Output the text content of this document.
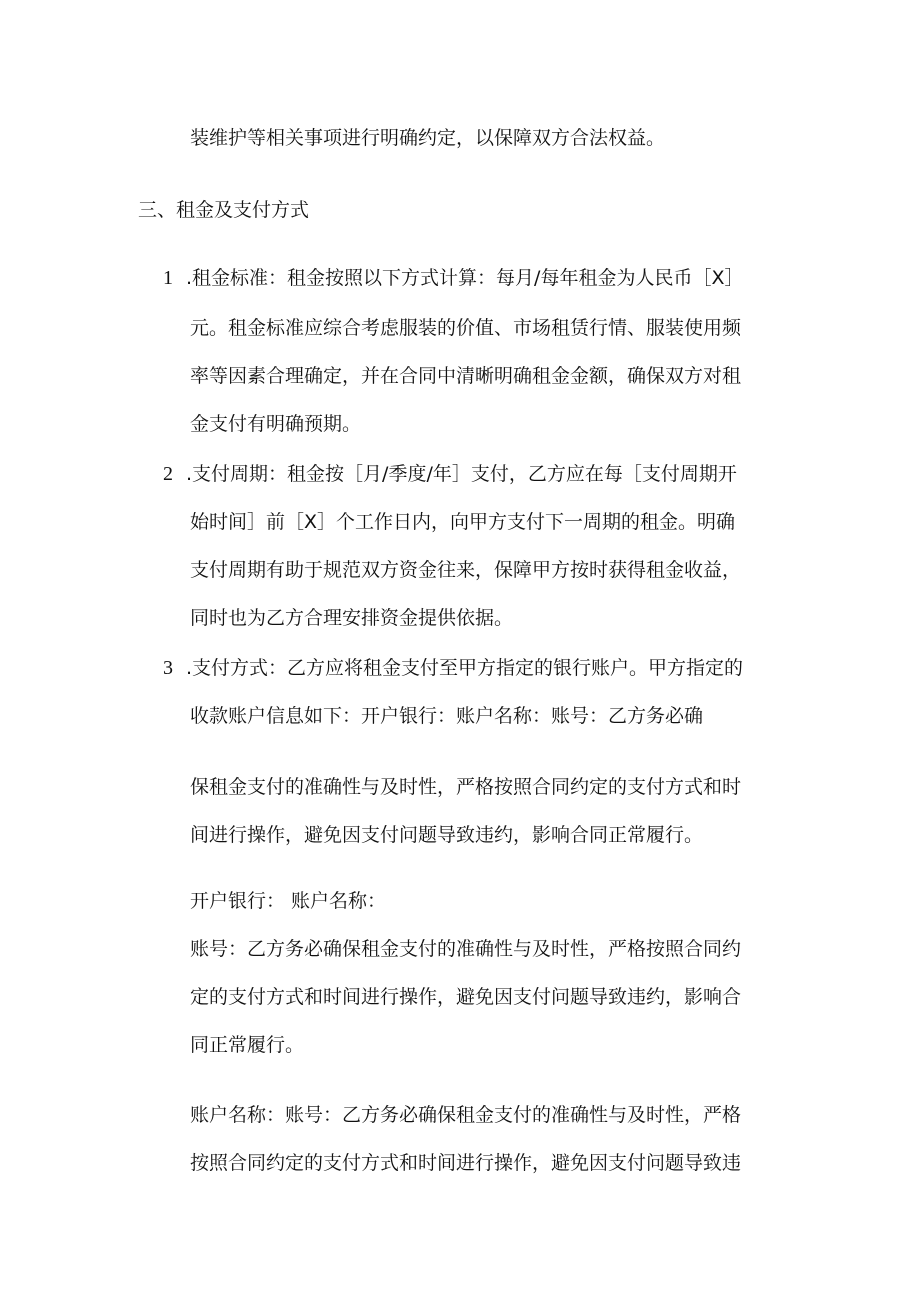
装维护等相关事项进行明确约定，以保障双方合法权益。
三、租金及支付方式
1 .租金标准：租金按照以下方式计算：每月/每年租金为人民币［X］
元。租金标准应综合考虑服装的价值、市场租赁行情、服装使用频
率等因素合理确定，并在合同中清晰明确租金金额，确保双方对租
金支付有明确预期。
2 .支付周期：租金按［月/季度/年］支付，乙方应在每［支付周期开
始时间］前［X］个工作日内，向甲方支付下一周期的租金。明确
支付周期有助于规范双方资金往来，保障甲方按时获得租金收益，
同时也为乙方合理安排资金提供依据。
3 .支付方式：乙方应将租金支付至甲方指定的银行账户。甲方指定的
收款账户信息如下：开户银行：账户名称：账号：乙方务必确
保租金支付的准确性与及时性，严格按照合同约定的支付方式和时
间进行操作，避免因支付问题导致违约，影响合同正常履行。
开户银行： 账户名称：
账号：乙方务必确保租金支付的准确性与及时性，严格按照合同约
定的支付方式和时间进行操作，避免因支付问题导致违约，影响合
同正常履行。
账户名称：账号：乙方务必确保租金支付的准确性与及时性，严格
按照合同约定的支付方式和时间进行操作，避免因支付问题导致违
